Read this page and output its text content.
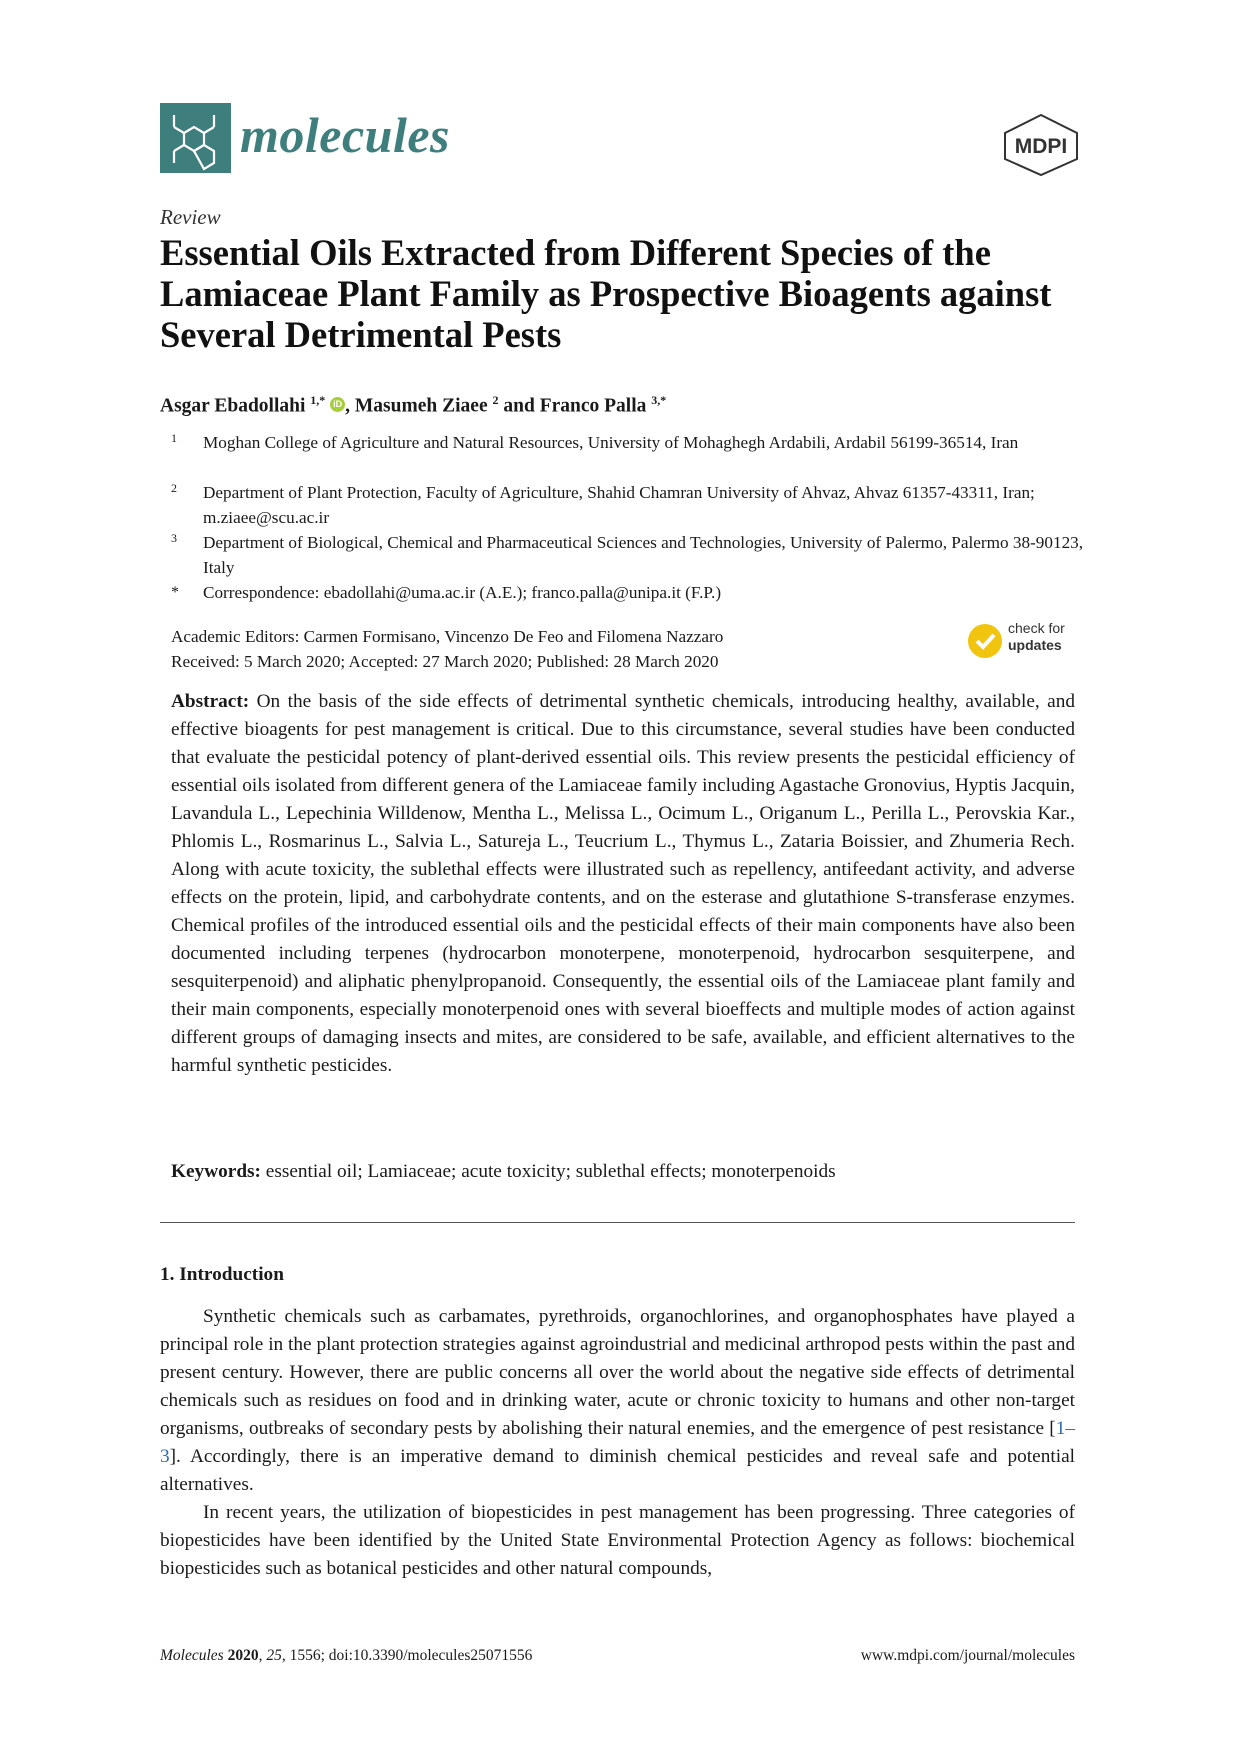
molecules	MDPI
Review
Essential Oils Extracted from Different Species of the Lamiaceae Plant Family as Prospective Bioagents against Several Detrimental Pests
Asgar Ebadollahi $^{1,*}$ iD , Masumeh Ziaee $^2$ and Franco Palla $^{3,*}$
1 Moghan College of Agriculture and Natural Resources, University of Mohaghegh Ardabili, Ardabil 56199-36514, Iran
2 Department of Plant Protection, Faculty of Agriculture, Shahid Chamran University of Ahvaz, Ahvaz 61357-43311, Iran; m.ziaee@scu.ac.ir
3 Department of Biological, Chemical and Pharmaceutical Sciences and Technologies, University of Palermo, Palermo 38-90123, Italy
* Correspondence: ebadollahi@uma.ac.ir (A.E.); franco.palla@unipa.it (F.P.)
Academic Editors: Carmen Formisano, Vincenzo De Feo and Filomena Nazzaro
Received: 5 March 2020; Accepted: 27 March 2020; Published: 28 March 2020
check for
updates

Abstract: On the basis of the side effects of detrimental synthetic chemicals, introducing healthy, available, and effective bioagents for pest management is critical. Due to this circumstance, several studies have been conducted that evaluate the pesticidal potency of plant-derived essential oils. This review presents the pesticidal efficiency of essential oils isolated from different genera of the Lamiaceae family including Agastache Gronovius, Hyptis Jacquin, Lavandula L., Lepechinia Willdenow, Mentha L., Melissa L., Ocimum L., Origanum L., Perilla L., Perovskia Kar., Phlomis L., Rosmarinus L., Salvia L., Satureja L., Teucrium L., Thymus L., Zataria Boissier, and Zhumeria Rech. Along with acute toxicity, the sublethal effects were illustrated such as repellency, antifeedant activity, and adverse effects on the protein, lipid, and carbohydrate contents, and on the esterase and glutathione S-transferase enzymes. Chemical profiles of the introduced essential oils and the pesticidal effects of their main components have also been documented including terpenes (hydrocarbon monoterpene, monoterpenoid, hydrocarbon sesquiterpene, and sesquiterpenoid) and aliphatic phenylpropanoid. Consequently, the essential oils of the Lamiaceae plant family and their main components, especially monoterpenoid ones with several bioeffects and multiple modes of action against different groups of damaging insects and mites, are considered to be safe, available, and efficient alternatives to the harmful synthetic pesticides.

Keywords: essential oil; Lamiaceae; acute toxicity; sublethal effects; monoterpenoids
1. Introduction

Synthetic chemicals such as carbamates, pyrethroids, organochlorines, and organophosphates have played a principal role in the plant protection strategies against agroindustrial and medicinal arthropod pests within the past and present century. However, there are public concerns all over the world about the negative side effects of detrimental chemicals such as residues on food and in drinking water, acute or chronic toxicity to humans and other non-target organisms, outbreaks of secondary pests by abolishing their natural enemies, and the emergence of pest resistance [1–3]. Accordingly, there is an imperative demand to diminish chemical pesticides and reveal safe and potential alternatives.

In recent years, the utilization of biopesticides in pest management has been progressing. Three categories of biopesticides have been identified by the United State Environmental Protection Agency as follows: biochemical biopesticides such as botanical pesticides and other natural compounds,

Molecules 2020, 25, 1556; doi:10.3390/molecules25071556	www.mdpi.com/journal/molecules
